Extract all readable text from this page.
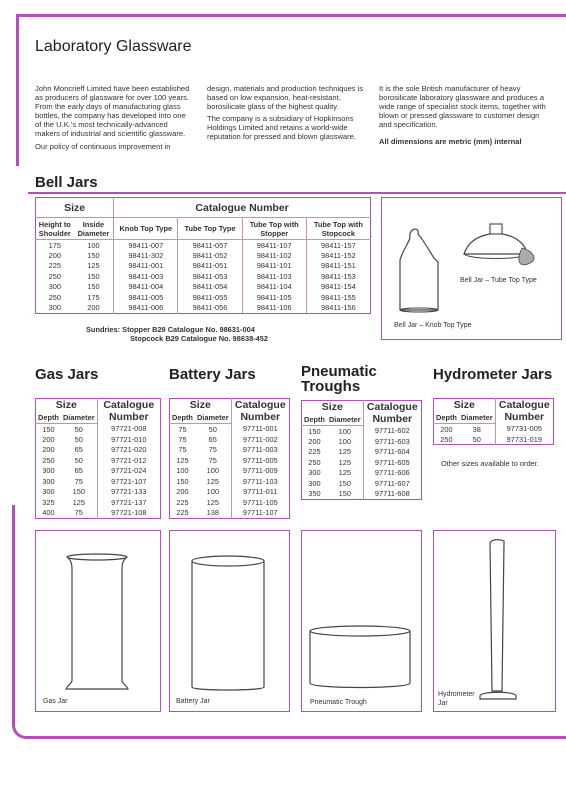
Laboratory Glassware

John Moncrieff Limited have been established as producers of glassware for over 100 years. From the early days of manufacturing glass bottles, the company has developed into one of the U.K.'s most technically-advanced makers of industrial and scientific glassware.

Our policy of continuous improvement in

design, materials and production techniques is based on low expansion, heat-resistant, borosilicate glass of the highest quality.

The company is a subsidiary of Hopkinsons Holdings Limited and retains a world-wide reputation for pressed and blown glassware.

It is the sole British manufacturer of heavy borosilicate laboratory glassware and produces a wide range of specialist stock items, together with blown or pressed glassware to customer design and specification.

All dimensions are metric (mm) internal

Bell Jars
Size		Catalogue Number			
Height to Shoulder	Inside Diameter	Knob Top Type	Tube Top Type	Tube Top with Stopper	Tube Top with Stopcock
175	100	98411-007	98411-057	98411-107	98411-157
200	150	98411-302	98411-052	98411-102	98411-152
225	125	98411-001	98411-051	98411-101	98411-151
250	150	98411-003	98411-053	98411-103	98411-153
300	150	98411-004	98411-054	98411-104	98411-154
250	175	98411-005	98411-055	98411-105	98411-155
300	200	98411-006	98411-056	98411-106	98411-156
Sundries: Stopper B29 Catalogue No. 98631-004
Stopcock B29 Catalogue No. 98638-452
Bell Jar – Tube Top Type
Bell Jar – Knob Top Type
Gas Jars
Size		Catalogue Number
Depth	Diameter	
150	50	97721-008
200	50	97721-010
200	65	97721-020
250	50	97721-012
300	65	97721-024
300	75	97721-107
300	150	97721-133
325	125	97721-137
400	75	97721-108
Battery Jars
Size		Catalogue Number
Depth	Diameter	
75	50	97711-001
75	65	97711-002
75	75	97711-003
125	75	97711-005
100	100	97711-009
150	125	97711-103
200	100	97711-011
225	125	97711-105
225	138	97711-107
Pneumatic
Troughs
Size		Catalogue Number
Depth	Diameter	
150	100	97711-602
200	100	97711-603
225	125	97711-604
250	125	97711-605
300	125	97711-606
300	150	97711-607
350	150	97711-608
Hydrometer Jars
Size		Catalogue Number
Depth	Diameter	
200	38	97731-005
250	50	97731-019
Other sizes available to order.
Gas Jar	Battery Jar	Pneumatic Trough
Hydrometer
Jar
